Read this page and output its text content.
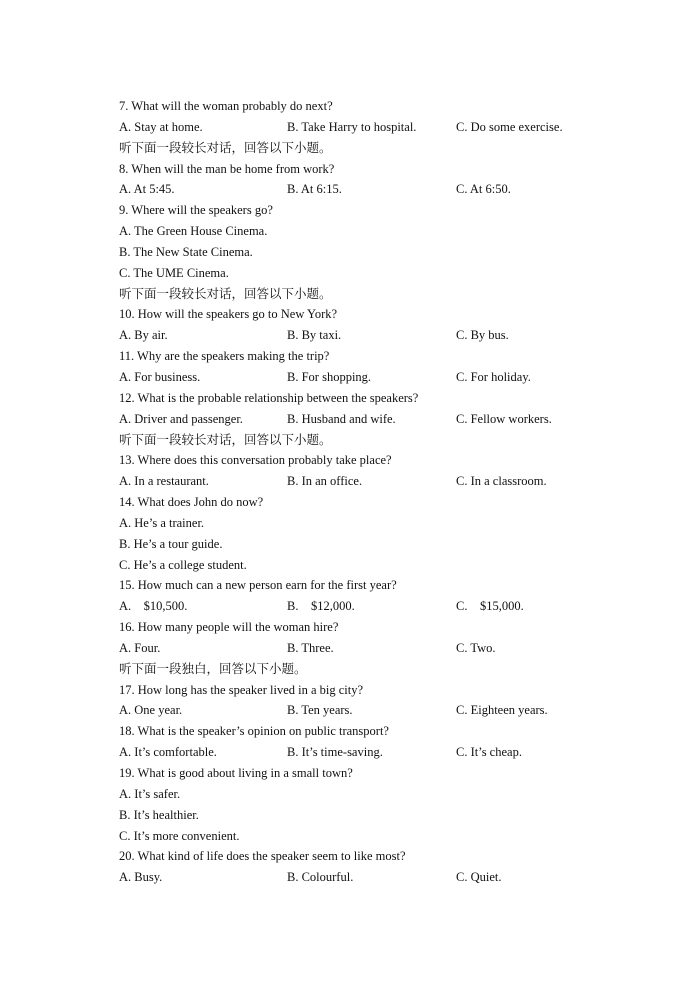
7. What will the woman probably do next?
A. Stay at home.	B. Take Harry to hospital.	C. Do some exercise.
听下面一段较长对话，回答以下小题。
8. When will the man be home from work?
A. At 5:45.	B. At 6:15.	C. At 6:50.
9. Where will the speakers go?
A. The Green House Cinema.
B. The New State Cinema.
C. The UME Cinema.
听下面一段较长对话，回答以下小题。
10. How will the speakers go to New York?
A. By air.	B. By taxi.	C. By bus.
11. Why are the speakers making the trip?
A. For business.	B. For shopping.	C. For holiday.
12. What is the probable relationship between the speakers?
A. Driver and passenger.	B. Husband and wife.	C. Fellow workers.
听下面一段较长对话，回答以下小题。
13. Where does this conversation probably take place?
A. In a restaurant.	B. In an office.	C. In a classroom.
14. What does John do now?
A. He’s a trainer.
B. He’s a tour guide.
C. He’s a college student.
15. How much can a new person earn for the first year?
A.　$10,500.	B.　$12,000.	C.　$15,000.
16. How many people will the woman hire?
A. Four.	B. Three.	C. Two.
听下面一段独白，回答以下小题。
17. How long has the speaker lived in a big city?
A. One year.	B. Ten years.	C. Eighteen years.
18. What is the speaker’s opinion on public transport?
A. It’s comfortable.	B. It’s time-saving.	C. It’s cheap.
19. What is good about living in a small town?
A. It’s safer.
B. It’s healthier.
C. It’s more convenient.
20. What kind of life does the speaker seem to like most?
A. Busy.	B. Colourful.	C. Quiet.
